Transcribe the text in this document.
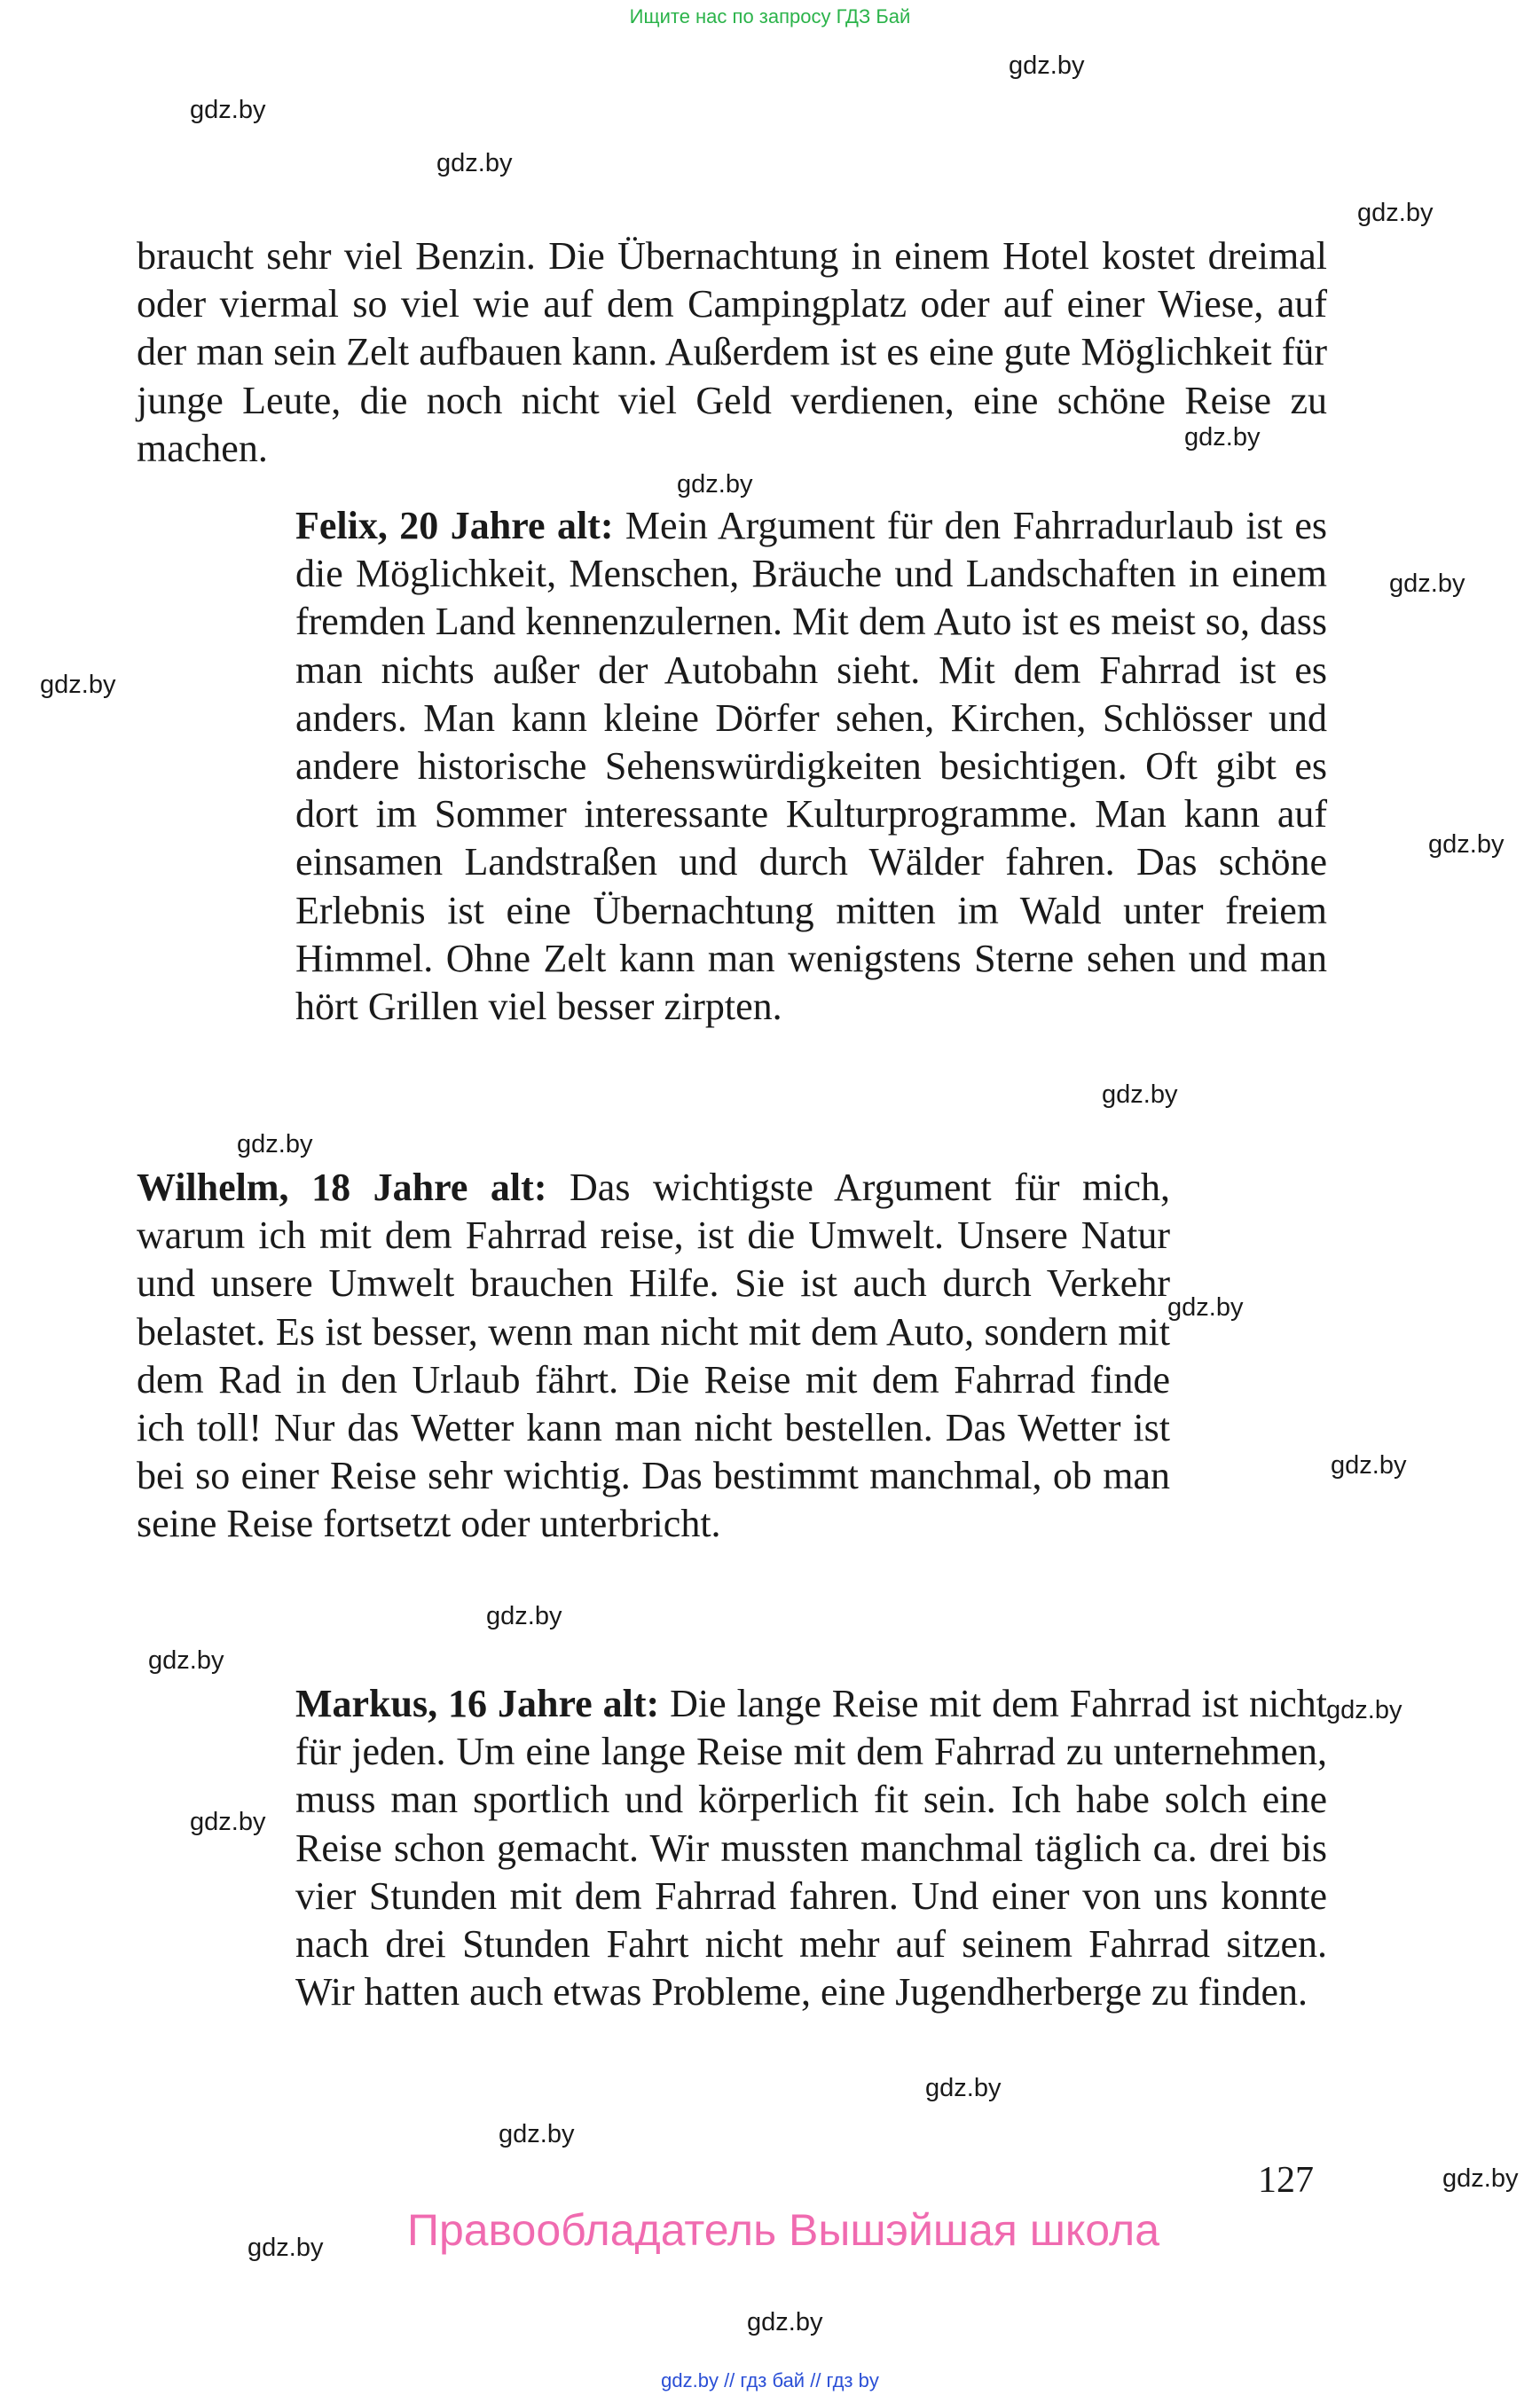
Ищите нас по запросу ГДЗ Бай
gdz.by
gdz.by
gdz.by
gdz.by
gdz.by
gdz.by
gdz.by
gdz.by
gdz.by
gdz.by
gdz.by
gdz.by
gdz.by
gdz.by
gdz.by
gdz.by
gdz.by
gdz.by
gdz.by
gdz.by
gdz.by
gdz.by
braucht sehr viel Benzin. Die Übernachtung in einem Hotel kostet dreimal oder viermal so viel wie auf dem Campingplatz oder auf einer Wiese, auf der man sein Zelt aufbauen kann. Außerdem ist es eine gute Möglichkeit für junge Leute, die noch nicht viel Geld verdienen, eine schöne Reise zu machen.
Felix, 20 Jahre alt: Mein Argument für den Fahrradurlaub ist es die Möglichkeit, Menschen, Bräuche und Landschaften in einem fremden Land kennenzulernen. Mit dem Auto ist es meist so, dass man nichts außer der Autobahn sieht. Mit dem Fahrrad ist es anders. Man kann kleine Dörfer sehen, Kirchen, Schlösser und andere historische Sehenswürdigkeiten besichtigen. Oft gibt es dort im Sommer interessante Kulturprogramme. Man kann auf einsamen Landstraßen und durch Wälder fahren. Das schöne Erlebnis ist eine Übernachtung mitten im Wald unter freiem Himmel. Ohne Zelt kann man wenigstens Sterne sehen und man hört Grillen viel besser zirpten.
Wilhelm, 18 Jahre alt: Das wichtigste Argument für mich, warum ich mit dem Fahrrad reise, ist die Umwelt. Unsere Natur und unsere Umwelt brauchen Hilfe. Sie ist auch durch Verkehr belastet. Es ist besser, wenn man nicht mit dem Auto, sondern mit dem Rad in den Urlaub fährt. Die Reise mit dem Fahrrad finde ich toll! Nur das Wetter kann man nicht bestellen. Das Wetter ist bei so einer Reise sehr wichtig. Das bestimmt manchmal, ob man seine Reise fortsetzt oder unterbricht.
Markus, 16 Jahre alt: Die lange Reise mit dem Fahrrad ist nicht für jeden. Um eine lange Reise mit dem Fahrrad zu unternehmen, muss man sportlich und körperlich fit sein. Ich habe solch eine Reise schon gemacht. Wir mussten manchmal täglich ca. drei bis vier Stunden mit dem Fahrrad fahren. Und einer von uns konnte nach drei Stunden Fahrt nicht mehr auf seinem Fahrrad sitzen. Wir hatten auch etwas Probleme, eine Jugendherberge zu finden.
127
Правообладатель Вышэйшая школа
gdz.by // гдз бай // гдз by
